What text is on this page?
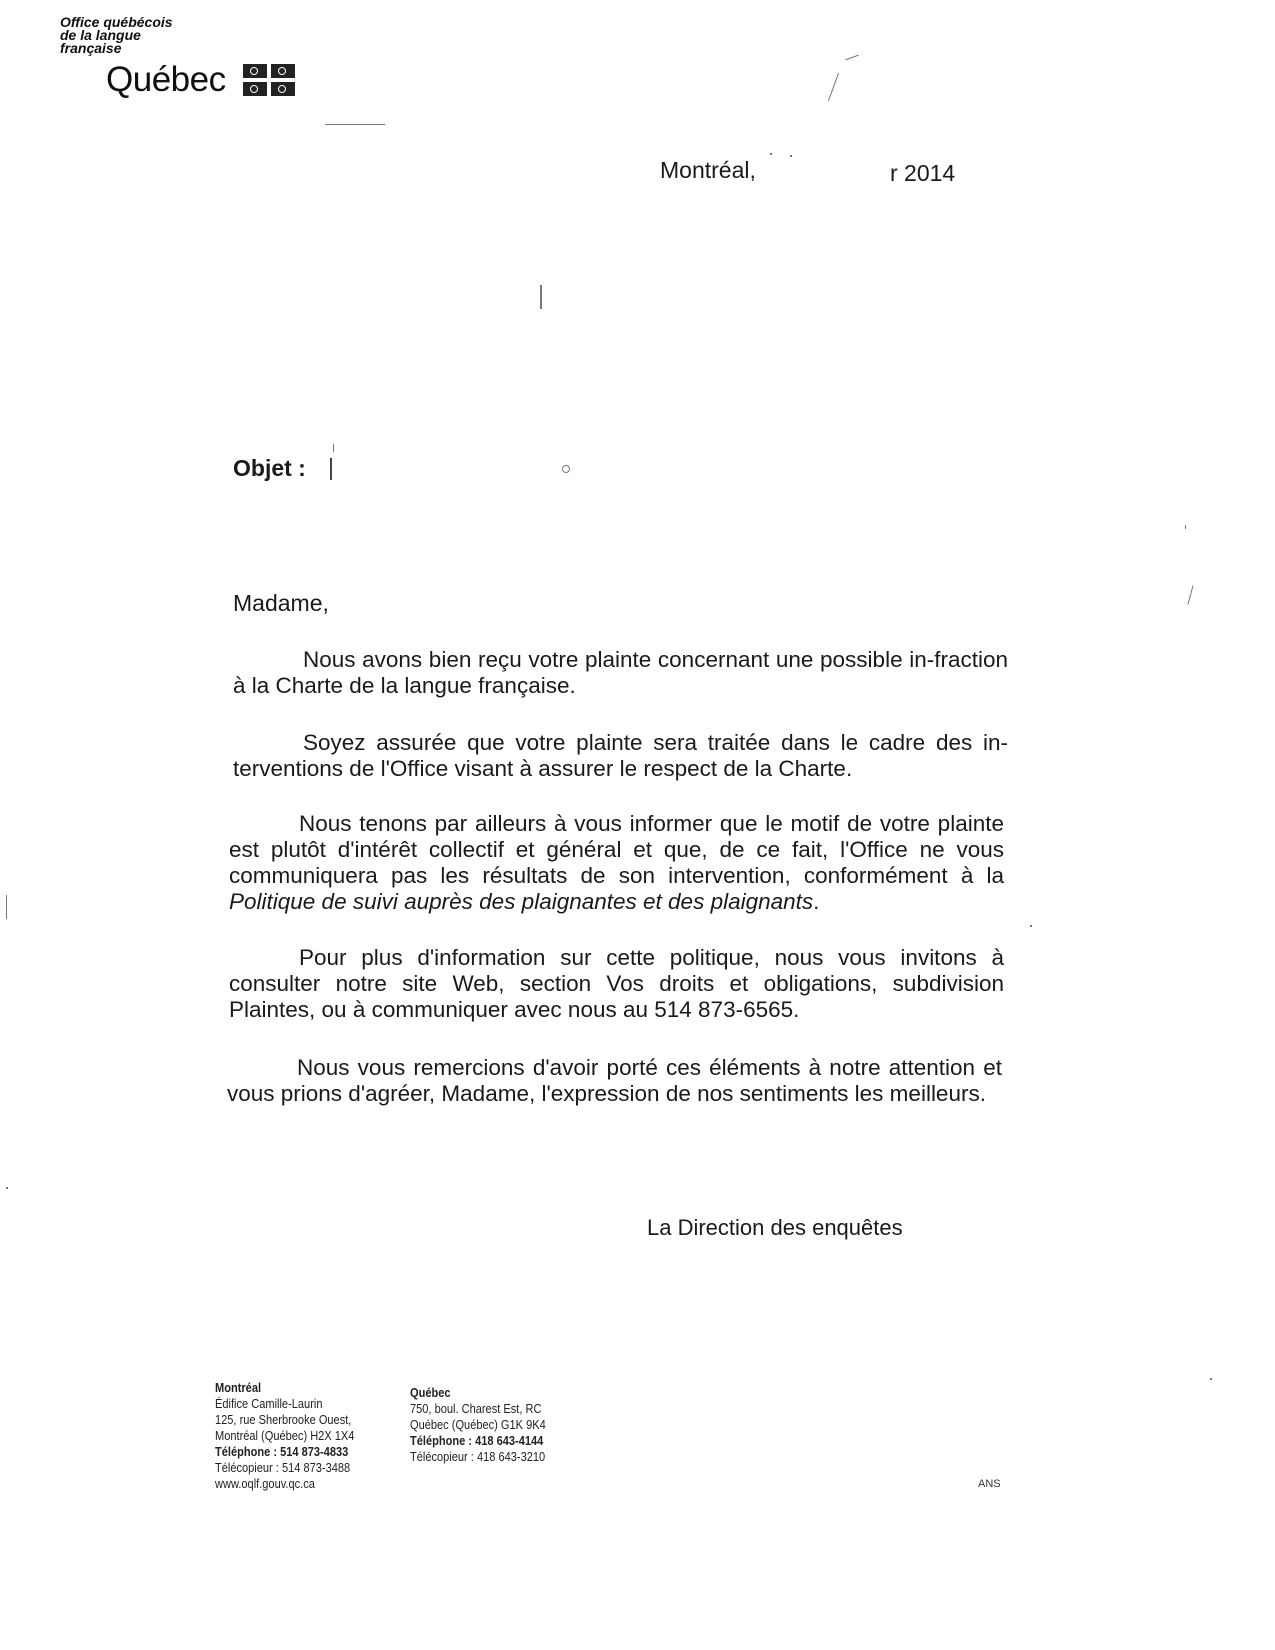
Office québécois
de la langue
française
Québec
Montréal,	r 2014
Objet :
Madame,
Nous avons bien reçu votre plainte concernant une possible in-fraction à la Charte de la langue française.
Soyez assurée que votre plainte sera traitée dans le cadre des in-terventions de l'Office visant à assurer le respect de la Charte.
Nous tenons par ailleurs à vous informer que le motif de votre plainte est plutôt d'intérêt collectif et général et que, de ce fait, l'Office ne vous communiquera pas les résultats de son intervention, conformément à la Politique de suivi auprès des plaignantes et des plaignants.
Pour plus d'information sur cette politique, nous vous invitons à consulter notre site Web, section Vos droits et obligations, subdivision Plaintes, ou à communiquer avec nous au 514 873-6565.
Nous vous remercions d'avoir porté ces éléments à notre attention et vous prions d'agréer, Madame, l'expression de nos sentiments les meilleurs.
La Direction des enquêtes
Montréal
Édifice Camille-Laurin
125, rue Sherbrooke Ouest,
Montréal (Québec) H2X 1X4
Téléphone : 514 873-4833
Télécopieur : 514 873-3488
www.oqlf.gouv.qc.ca
Québec
750, boul. Charest Est, RC
Québec (Québec) G1K 9K4
Téléphone : 418 643-4144
Télécopieur : 418 643-3210
ANS
